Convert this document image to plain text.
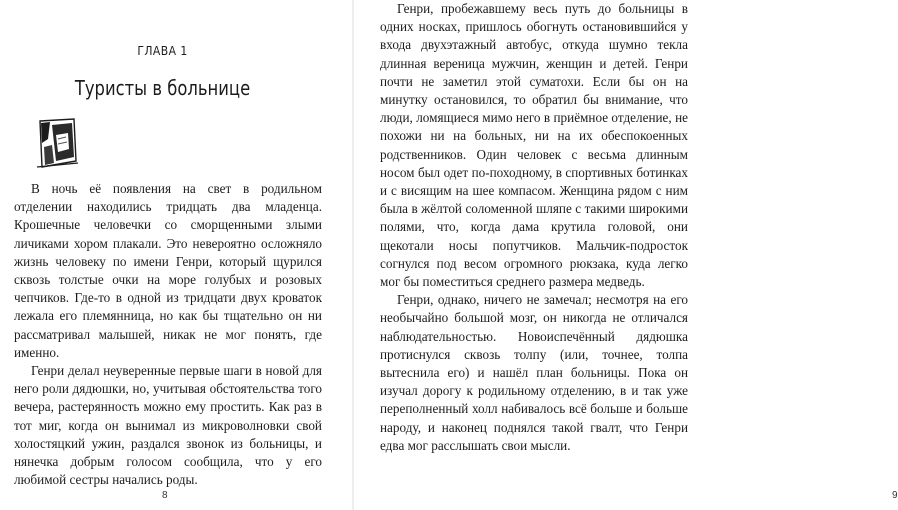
ГЛАВА 1
Туристы в больнице

В ночь её появления на свет в родильном отделении находились тридцать два младенца. Крошечные человечки со сморщенными злыми личиками хором плакали. Это невероятно осложняло жизнь человеку по имени Генри, который щурился сквозь толстые очки на море голубых и розовых чепчиков. Где-то в одной из тридцати двух кроваток лежала его племянница, но как бы тщательно он ни рассматривал малышей, никак не мог понять, где именно.

Генри делал неуверенные первые шаги в новой для него роли дядюшки, но, учитывая обстоятельства того вечера, растерянность можно ему простить. Как раз в тот миг, когда он вынимал из микроволновки свой холостяцкий ужин, раздался звонок из больницы, и нянечка добрым голосом сообщила, что у его любимой сестры начались роды.

8	9

Генри, пробежавшему весь путь до больницы в одних носках, пришлось обогнуть остановившийся у входа двухэтажный автобус, откуда шумно текла длинная вереница мужчин, женщин и детей. Генри почти не заметил этой суматохи. Если бы он на минутку остановился, то обратил бы внимание, что люди, ломящиеся мимо него в приёмное отделение, не похожи ни на больных, ни на их обеспокоенных родственников. Один человек с весьма длинным носом был одет по-походному, в спортивных ботинках и с висящим на шее компасом. Женщина рядом с ним была в жёлтой соломенной шляпе с такими широкими полями, что, когда дама крутила головой, они щекотали носы попутчиков. Мальчик-подросток согнулся под весом огромного рюкзака, куда легко мог бы поместиться среднего размера медведь.

Генри, однако, ничего не замечал; несмотря на его необычайно большой мозг, он никогда не отличался наблюдательностью. Новоиспечённый дядюшка протиснулся сквозь толпу (или, точнее, толпа вытеснила его) и нашёл план больницы. Пока он изучал дорогу к родильному отделению, в и так уже переполненный холл набивалось всё больше и больше народу, и наконец поднялся такой гвалт, что Генри едва мог расслышать свои мысли.
